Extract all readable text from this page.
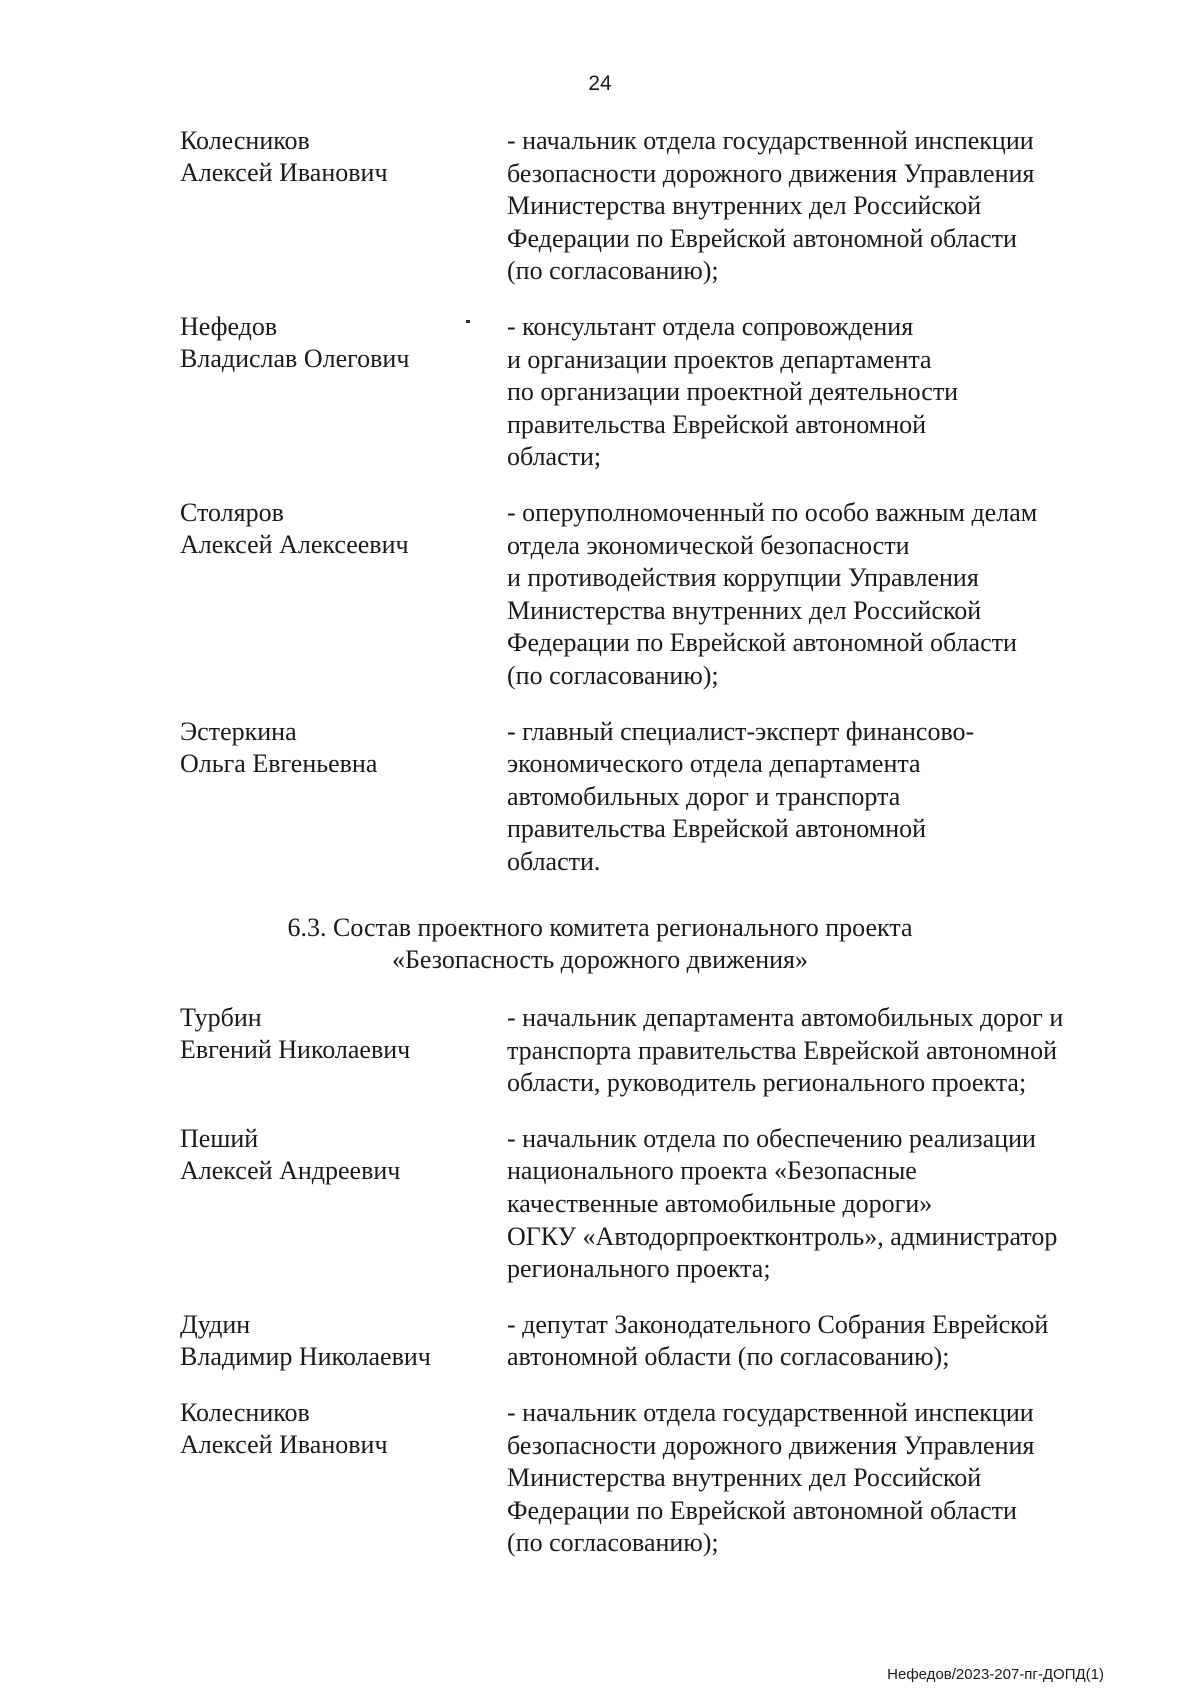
24
Колесников
Алексей Иванович
- начальник отдела государственной инспекции
безопасности дорожного движения Управления
Министерства внутренних дел Российской
Федерации по Еврейской автономной области
(по согласованию);
Нефедов
Владислав Олегович
- консультант отдела сопровождения
и организации проектов департамента
по организации проектной деятельности
правительства Еврейской автономной
области;
Столяров
Алексей Алексеевич
- оперуполномоченный по особо важным делам
отдела экономической безопасности
и противодействия коррупции Управления
Министерства внутренних дел Российской
Федерации по Еврейской автономной области
(по согласованию);
Эстеркина
Ольга Евгеньевна
- главный специалист-эксперт финансово-
экономического отдела департамента
автомобильных дорог и транспорта
правительства Еврейской автономной
области.
6.3. Состав проектного комитета регионального проекта
«Безопасность дорожного движения»
Турбин
Евгений Николаевич
- начальник департамента автомобильных дорог и
транспорта правительства Еврейской автономной
области, руководитель регионального проекта;
Пеший
Алексей Андреевич
- начальник отдела по обеспечению реализации
национального проекта «Безопасные
качественные автомобильные дороги»
ОГКУ «Автодорпроектконтроль», администратор
регионального проекта;
Дудин
Владимир Николаевич
- депутат Законодательного Собрания Еврейской
автономной области (по согласованию);
Колесников
Алексей Иванович
- начальник отдела государственной инспекции
безопасности дорожного движения Управления
Министерства внутренних дел Российской
Федерации по Еврейской автономной области
(по согласованию);
Нефедов/2023-207-пг-ДОПД(1)
